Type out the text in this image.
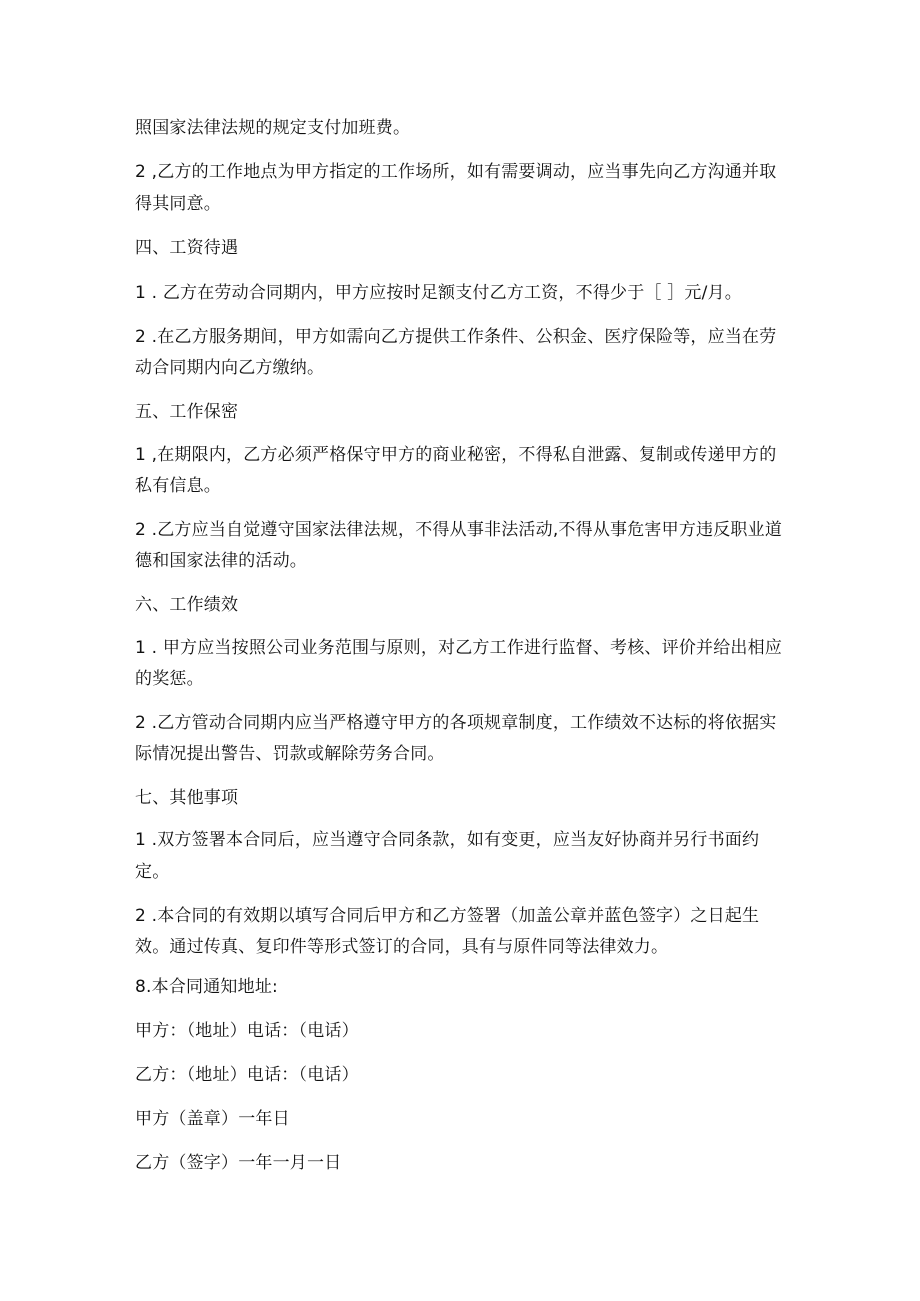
照国家法律法规的规定支付加班费。
2 ,乙方的工作地点为甲方指定的工作场所，如有需要调动，应当事先向乙方沟通并取
得其同意。
四、工资待遇
1 . 乙方在劳动合同期内，甲方应按时足额支付乙方工资，不得少于［ ］元/月。
2 .在乙方服务期间，甲方如需向乙方提供工作条件、公积金、医疗保险等，应当在劳
动合同期内向乙方缴纳。
五、工作保密
1 ,在期限内，乙方必须严格保守甲方的商业秘密，不得私自泄露、复制或传递甲方的
私有信息。
2 .乙方应当自觉遵守国家法律法规，不得从事非法活动,不得从事危害甲方违反职业道
德和国家法律的活动。
六、工作绩效
1 . 甲方应当按照公司业务范围与原则，对乙方工作进行监督、考核、评价并给出相应
的奖惩。
2 .乙方管动合同期内应当严格遵守甲方的各项规章制度，工作绩效不达标的将依据实
际情况提出警告、罚款或解除劳务合同。
七、其他事项
1 .双方签署本合同后，应当遵守合同条款，如有变更，应当友好协商并另行书面约
定。
2 .本合同的有效期以填写合同后甲方和乙方签署（加盖公章并蓝色签字）之日起生
效。通过传真、复印件等形式签订的合同，具有与原件同等法律效力。
8.本合同通知地址:
甲方：（地址）电话：（电话）
乙方：（地址）电话：（电话）
甲方（盖章）一年日
乙方（签字）一年一月一日
